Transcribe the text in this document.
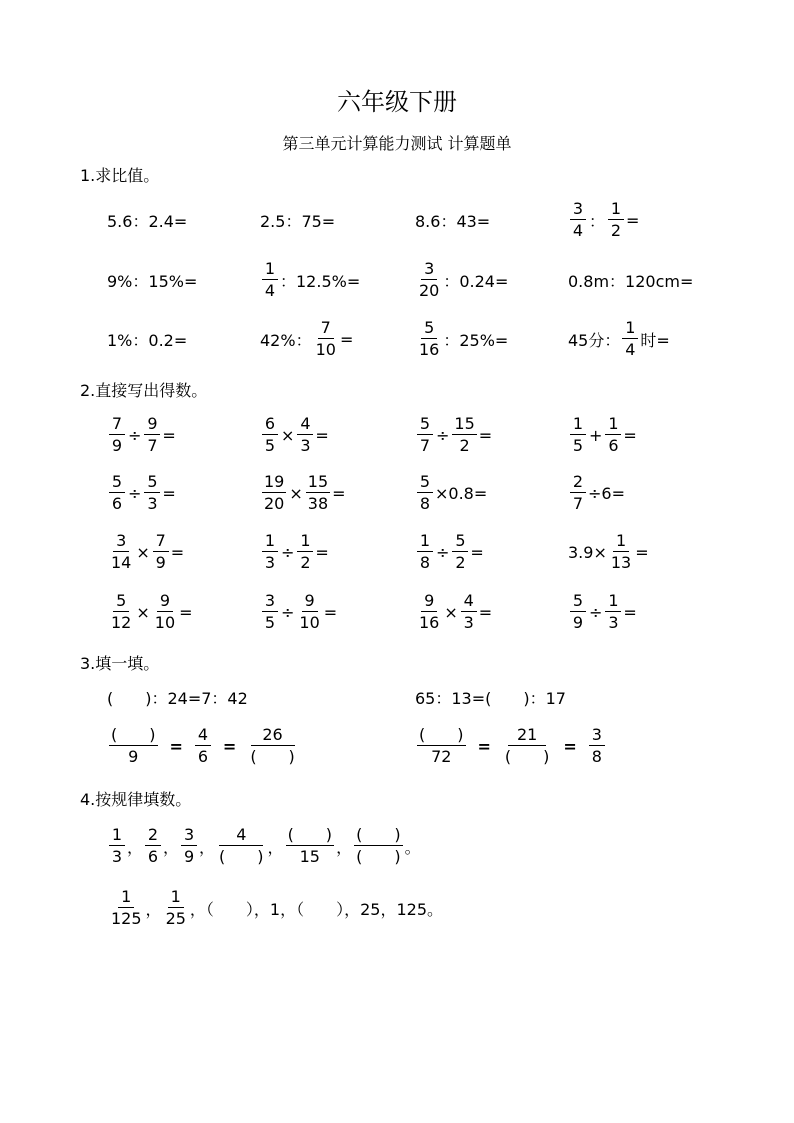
六年级下册
第三单元计算能力测试 计算题单
1.求比值。
5.6：2.4=	2.5：75=	8.6：43=	$\frac{3}{4}$ ： $\frac{1}{2}$ =
9%：15%=	$\frac{1}{4}$ ：12.5%=	$\frac{3}{20}$ ：0.24=	0.8m：120cm=
1%：0.2=	42%： $\frac{7}{10}$ =	$\frac{5}{16}$ ：25%=	45分： $\frac{1}{4}$ 时=
2.直接写出得数。
$\frac{7}{9} \div \frac{9}{7}$ =	$\frac{6}{5} \times \frac{4}{3}$ =	$\frac{5}{7} \div \frac{15}{2}$ =	$\frac{1}{5} + \frac{1}{6}$ =
$\frac{5}{6} \div \frac{5}{3}$ =	$\frac{19}{20} \times \frac{15}{38}$ =	$\frac{5}{8} \times 0.8=$	$\frac{2}{7} \div 6=$
$\frac{3}{14} \times \frac{7}{9}$ =	$\frac{1}{3} \div \frac{1}{2}$ =	$\frac{1}{8} \div \frac{5}{2}$ =	$3.9\times \frac{1}{13}$ =
$\frac{5}{12} \times \frac{9}{10}$ =	$\frac{3}{5} \div \frac{9}{10}$ =	$\frac{9}{16} \times \frac{4}{3}$ =	$\frac{5}{9} \div \frac{1}{3}$ =
3.填一填。
(　　)：24=7：42	65：13=(　　)：17
$\frac{( )}{9} = \frac{4}{6} = \frac{26}{( )}$	$\frac{( )}{72} = \frac{21}{( )} = \frac{3}{8}$
4.按规律填数。
$\frac{1}{3}$ ， $\frac{2}{6}$ ， $\frac{3}{9}$ ， $\frac{4}{( )}$ ， $\frac{( )}{15}$ ， $\frac{( )}{( )}$ 。
$\frac{1}{125}$ ， $\frac{1}{25}$ ，（　　），1，（　　），25，125。
